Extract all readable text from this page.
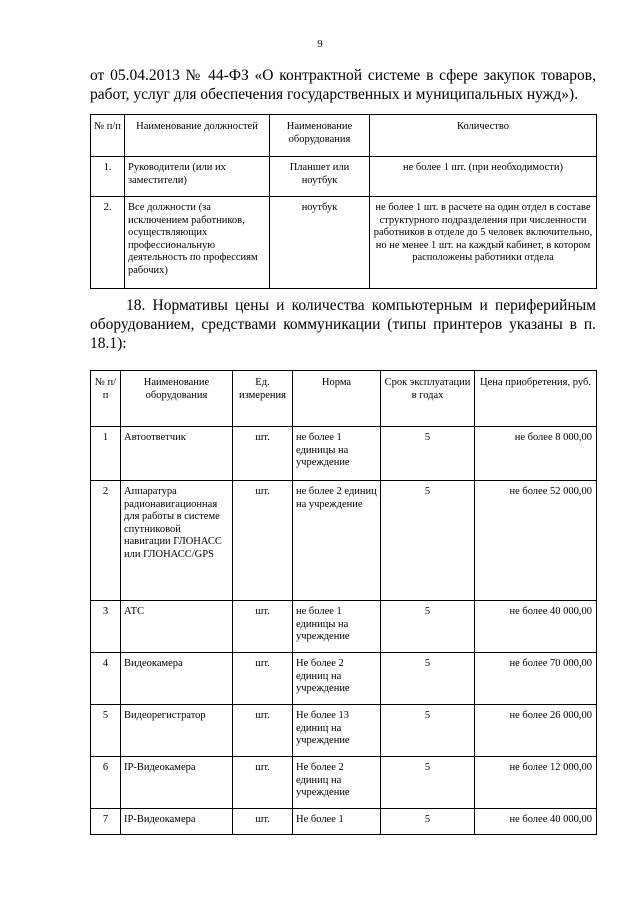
9
от 05.04.2013 № 44-ФЗ «О контрактной системе в сфере закупок товаров, работ, услуг для обеспечения государственных и муниципальных нужд»).
№ п/п	Наименование должностей	Наименование оборудования	Количество
1.	Руководители (или их заместители)	Планшет или ноутбук	не более 1 шт. (при необходимости)
2.	Все должности (за исключением работников, осуществляющих профессиональную деятельность по профессиям рабочих)	ноутбук	не более 1 шт. в расчете на один отдел в составе структурного подразделения при численности работников в отделе до 5 человек включительно, но не менее 1 шт. на каждый кабинет, в котором расположены работники отдела
18. Нормативы цены и количества компьютерным и периферийным оборудованием, средствами коммуникации (типы принтеров указаны в п. 18.1):
№ п/п	Наименование оборудования	Ед. измерения	Норма	Срок эксплуатации в годах	Цена приобретения, руб.
1	Автоответчик	шт.	не более 1 единицы на учреждение	5	не более 8 000,00
2	Аппаратура радионавигационная для работы в системе спутниковой навигации ГЛОНАСС или ГЛОНАСС/GPS	шт.	не более 2 единиц на учреждение	5	не более 52 000,00
3	АТС	шт.	не более 1 единицы на учреждение	5	не более 40 000,00
4	Видеокамера	шт.	Не более 2 единиц на учреждение	5	не более 70 000,00
5	Видеорегистратор	шт.	Не более 13 единиц на учреждение	5	не более 26 000,00
6	IP-Видеокамера	шт.	Не более 2 единиц на учреждение	5	не более 12 000,00
7	IP-Видеокамера	шт.	Не более 1	5	не более 40 000,00
